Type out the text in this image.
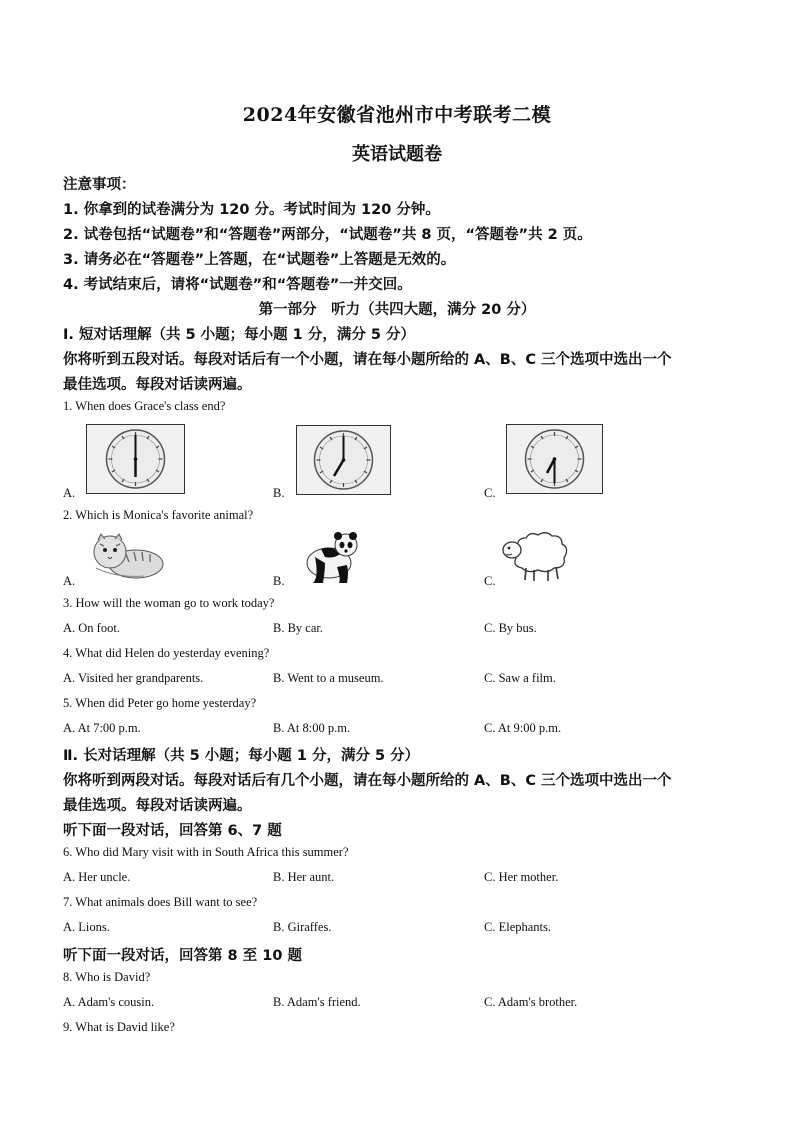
2024年安徽省池州市中考联考二模
英语试题卷
注意事项：
1. 你拿到的试卷满分为 120 分。考试时间为 120 分钟。
2. 试卷包括“试题卷”和“答题卷”两部分，“试题卷”共 8 页，“答题卷”共 2 页。
3. 请务必在“答题卷”上答题，在“试题卷”上答题是无效的。
4. 考试结束后，请将“试题卷”和“答题卷”一并交回。
第一部分　听力（共四大题，满分 20 分）
Ⅰ. 短对话理解（共 5 小题；每小题 1 分，满分 5 分）
你将听到五段对话。每段对话后有一个小题，请在每小题所给的 A、B、C 三个选项中选出一个
最佳选项。每段对话读两遍。
1. When does Grace's class end?
A.	B.	C.
2. Which is Monica's favorite animal?
A.	B.	C.
3. How will the woman go to work today?
A. On foot.	B. By car.	C. By bus.
4. What did Helen do yesterday evening?
A. Visited her grandparents.	B. Went to a museum.	C. Saw a film.
5. When did Peter go home yesterday?
A. At 7:00 p.m.	B. At 8:00 p.m.	C. At 9:00 p.m.
Ⅱ. 长对话理解（共 5 小题；每小题 1 分，满分 5 分）
你将听到两段对话。每段对话后有几个小题，请在每小题所给的 A、B、C 三个选项中选出一个
最佳选项。每段对话读两遍。
听下面一段对话，回答第 6、7 题
6. Who did Mary visit with in South Africa this summer?
A. Her uncle.	B. Her aunt.	C. Her mother.
7. What animals does Bill want to see?
A. Lions.	B. Giraffes.	C. Elephants.
听下面一段对话，回答第 8 至 10 题
8. Who is David?
A. Adam's cousin.	B. Adam's friend.	C. Adam's brother.
9. What is David like?
